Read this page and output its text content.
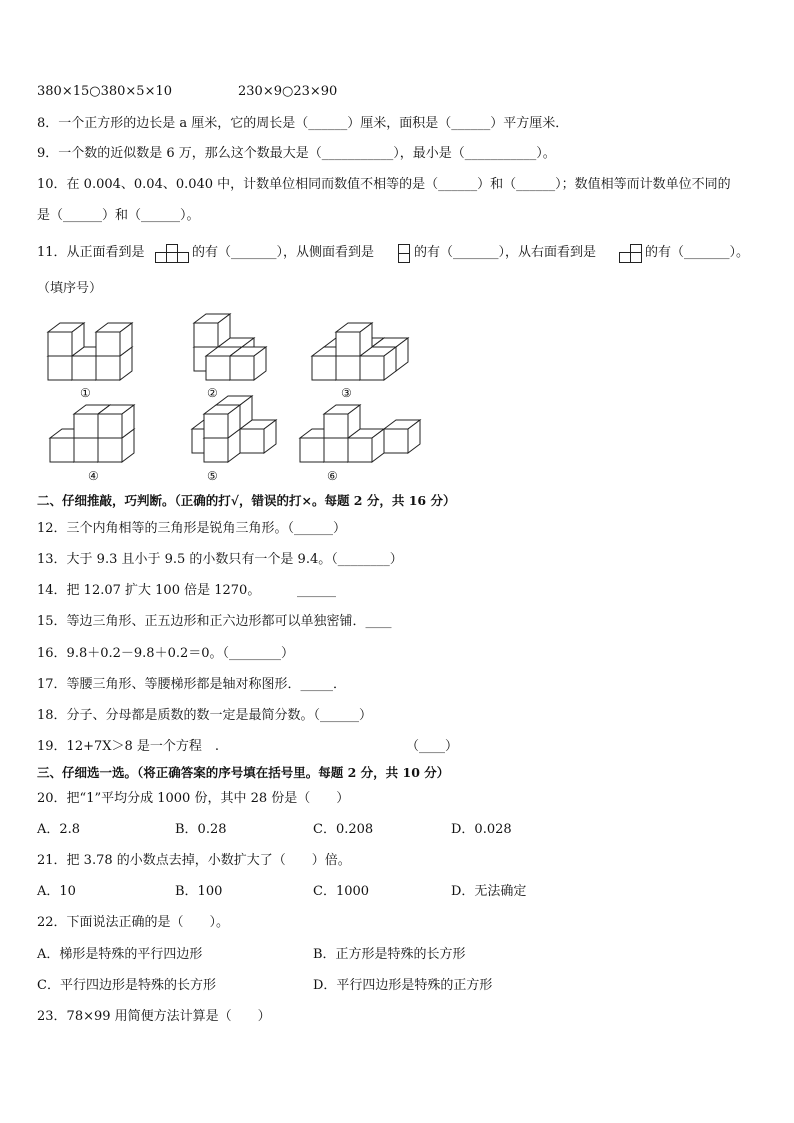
380×15○380×5×10	230×9○23×90
8．一个正方形的边长是 a 厘米，它的周长是（______）厘米，面积是（______）平方厘米．
9．一个数的近似数是 6 万，那么这个数最大是（___________），最小是（___________）。
10．在 0.004、0.04、0.040 中，计数单位相同而数值不相等的是（______）和（______）；数值相等而计数单位不同的
是（______）和（______）。
11．从正面看到是	的有（_______），从侧面看到是	的有（_______），从右面看到是	的有（_______）。
（填序号）
①	②	③
④	⑤	⑥
二、仔细推敲，巧判断。（正确的打√，错误的打×。每题 2 分，共 16 分）
12．三个内角相等的三角形是锐角三角形。（______）
13．大于 9.3 且小于 9.5 的小数只有一个是 9.4。（________）
14．把 12.07 扩大 100 倍是 1270。	______
15．等边三角形、正五边形和正六边形都可以单独密铺．____
16．9.8＋0.2－9.8＋0.2＝0。（________）
17．等腰三角形、等腰梯形都是轴对称图形．_____．
18．分子、分母都是质数的数一定是最简分数。（______）
19．12+7X＞8 是一个方程　.	（____）
三、仔细选一选。（将正确答案的序号填在括号里。每题 2 分，共 10 分）
20．把“1”平均分成 1000 份，其中 28 份是（　　）
A．2.8	B．0.28	C．0.208	D．0.028
21．把 3.78 的小数点去掉，小数扩大了（　　）倍。
A．10	B．100	C．1000	D．无法确定
22．下面说法正确的是（　　）。
A．梯形是特殊的平行四边形	B．正方形是特殊的长方形
C．平行四边形是特殊的长方形	D．平行四边形是特殊的正方形
23．78×99 用简便方法计算是（　　）
